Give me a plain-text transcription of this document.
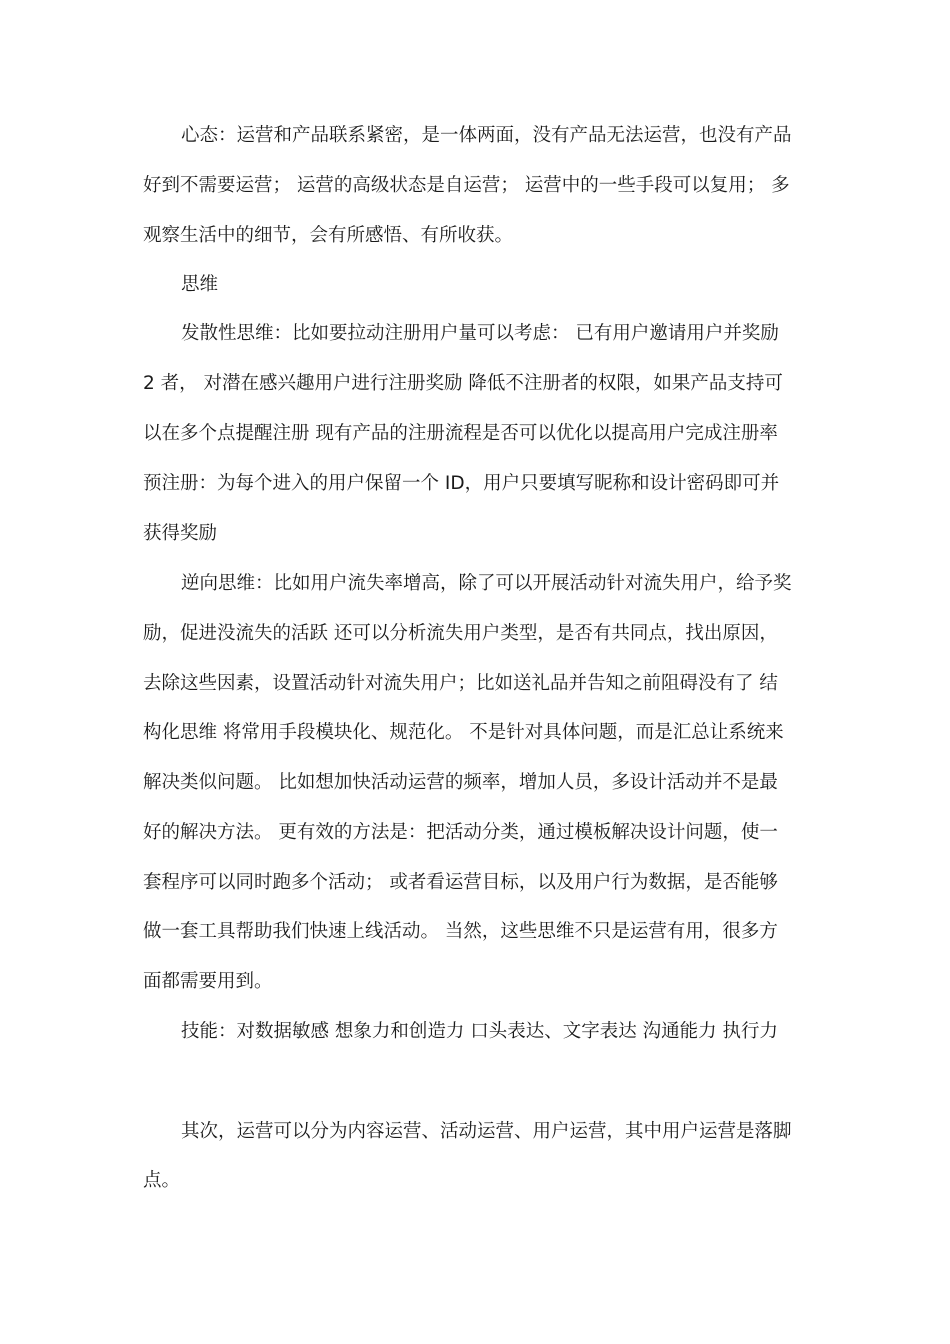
心态：运营和产品联系紧密，是一体两面，没有产品无法运营，也没有产品
好到不需要运营； 运营的高级状态是自运营； 运营中的一些手段可以复用； 多
观察生活中的细节，会有所感悟、有所收获。
思维
发散性思维：比如要拉动注册用户量可以考虑： 已有用户邀请用户并奖励
2 者， 对潜在感兴趣用户进行注册奖励 降低不注册者的权限，如果产品支持可
以在多个点提醒注册 现有产品的注册流程是否可以优化以提高用户完成注册率
预注册：为每个进入的用户保留一个 ID，用户只要填写昵称和设计密码即可并
获得奖励
逆向思维：比如用户流失率增高，除了可以开展活动针对流失用户，给予奖
励，促进没流失的活跃 还可以分析流失用户类型，是否有共同点，找出原因，
去除这些因素，设置活动针对流失用户；比如送礼品并告知之前阻碍没有了 结
构化思维 将常用手段模块化、规范化。 不是针对具体问题，而是汇总让系统来
解决类似问题。 比如想加快活动运营的频率，增加人员，多设计活动并不是最
好的解决方法。 更有效的方法是：把活动分类，通过模板解决设计问题，使一
套程序可以同时跑多个活动； 或者看运营目标，以及用户行为数据，是否能够
做一套工具帮助我们快速上线活动。 当然，这些思维不只是运营有用，很多方
面都需要用到。
技能：对数据敏感 想象力和创造力 口头表达、文字表达 沟通能力 执行力
其次，运营可以分为内容运营、活动运营、用户运营，其中用户运营是落脚
点。
